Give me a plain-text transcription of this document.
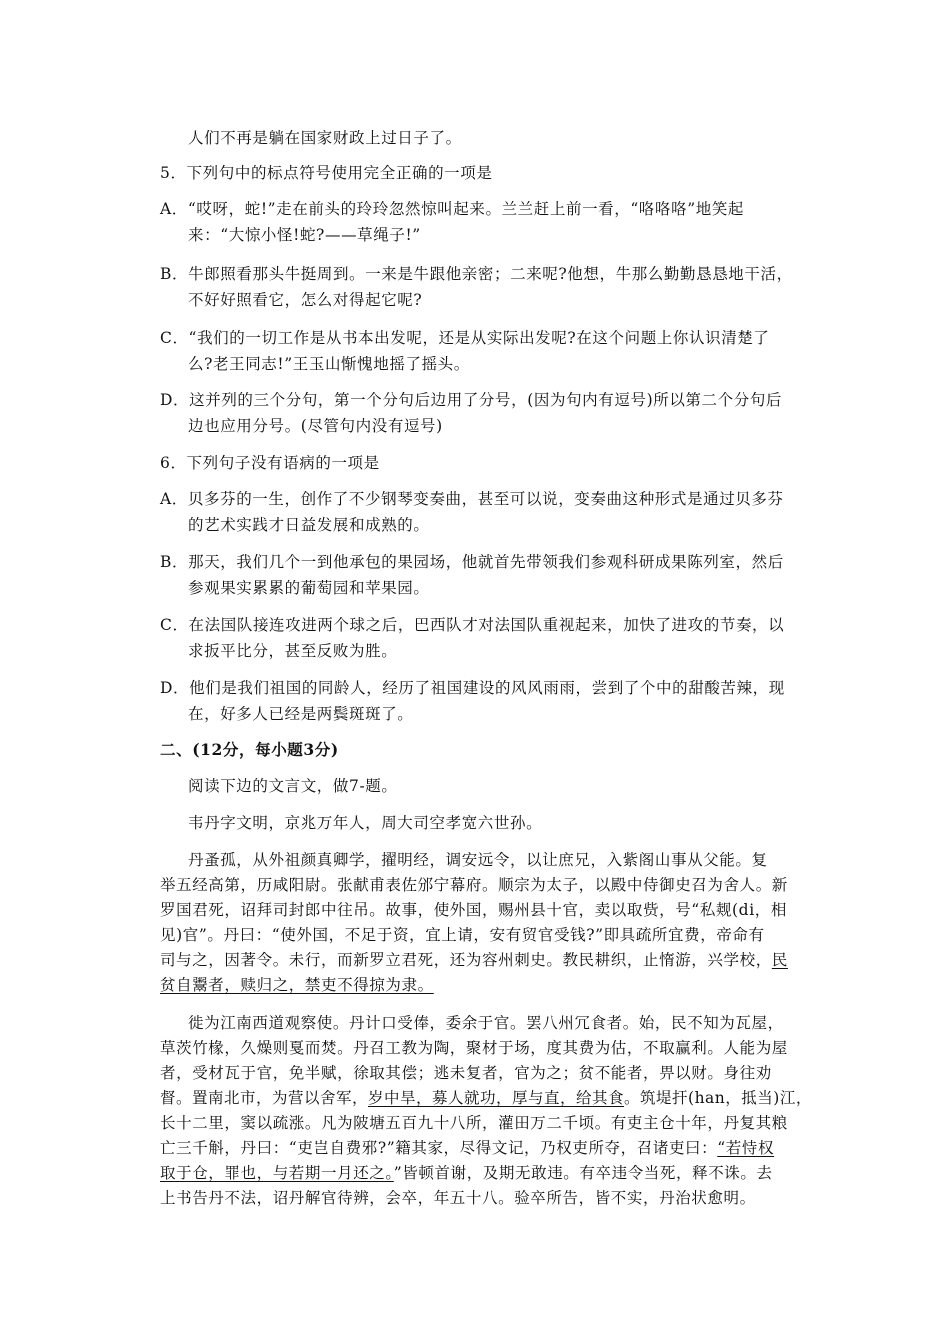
人们不再是躺在国家财政上过日子了。
5．下列句中的标点符号使用完全正确的一项是
A．“哎呀，蛇!”走在前头的玲玲忽然惊叫起来。兰兰赶上前一看，“咯咯咯”地笑起
来：“大惊小怪!蛇?——草绳子!”
B．牛郎照看那头牛挺周到。一来是牛跟他亲密；二来呢?他想，牛那么勤勤恳恳地干活，
不好好照看它，怎么对得起它呢?
C．“我们的一切工作是从书本出发呢，还是从实际出发呢?在这个问题上你认识清楚了
么?老王同志!”王玉山惭愧地摇了摇头。
D．这并列的三个分句，第一个分句后边用了分号，(因为句内有逗号)所以第二个分句后
边也应用分号。(尽管句内没有逗号)
6．下列句子没有语病的一项是
A．贝多芬的一生，创作了不少钢琴变奏曲，甚至可以说，变奏曲这种形式是通过贝多芬
的艺术实践才日益发展和成熟的。
B．那天，我们几个一到他承包的果园场，他就首先带领我们参观科研成果陈列室，然后
参观果实累累的葡萄园和苹果园。
C．在法国队接连攻进两个球之后，巴西队才对法国队重视起来，加快了进攻的节奏，以
求扳平比分，甚至反败为胜。
D．他们是我们祖国的同龄人，经历了祖国建设的风风雨雨，尝到了个中的甜酸苦辣，现
在，好多人已经是两鬓斑斑了。
二、(12分，每小题3分)
阅读下边的文言文，做7-题。
韦丹字文明，京兆万年人，周大司空孝宽六世孙。
丹蚤孤，从外祖颜真卿学，擢明经，调安远令，以让庶兄，入紫阁山事从父能。复
举五经高第，历咸阳尉。张献甫表佐邠宁幕府。顺宗为太子，以殿中侍御史召为舍人。新
罗国君死，诏拜司封郎中往吊。故事，使外国，赐州县十官，卖以取赀，号“私觌(di，相
见)官”。丹曰：“使外国，不足于资，宜上请，安有贸官受钱?”即具疏所宜费，帝命有
司与之，因著令。未行，而新罗立君死，还为容州刺史。教民耕织，止惰游，兴学校，民
贫自鬻者，赎归之，禁吏不得掠为隶。
徙为江南西道观察使。丹计口受俸，委余于官。罢八州冗食者。始，民不知为瓦屋，
草茨竹椽，久燥则戛而焚。丹召工教为陶，聚材于场，度其费为估，不取赢利。人能为屋
者，受材瓦于官，免半赋，徐取其偿；逃未复者，官为之；贫不能者，畀以财。身往劝
督。置南北市，为营以舍军，岁中旱，募人就功，厚与直，给其食。筑堤扞(han，抵当)江，
长十二里，窦以疏涨。凡为陂塘五百九十八所，灌田万二千顷。有吏主仓十年，丹复其粮
亡三千斛，丹曰：“吏岂自费邪?”籍其家，尽得文记，乃权吏所夺，召诸吏曰：“若恃权
取于仓，罪也，与若期一月还之。”皆顿首谢，及期无敢违。有卒违令当死，释不诛。去
上书告丹不法，诏丹解官待辨，会卒，年五十八。验卒所告，皆不实，丹治状愈明。
